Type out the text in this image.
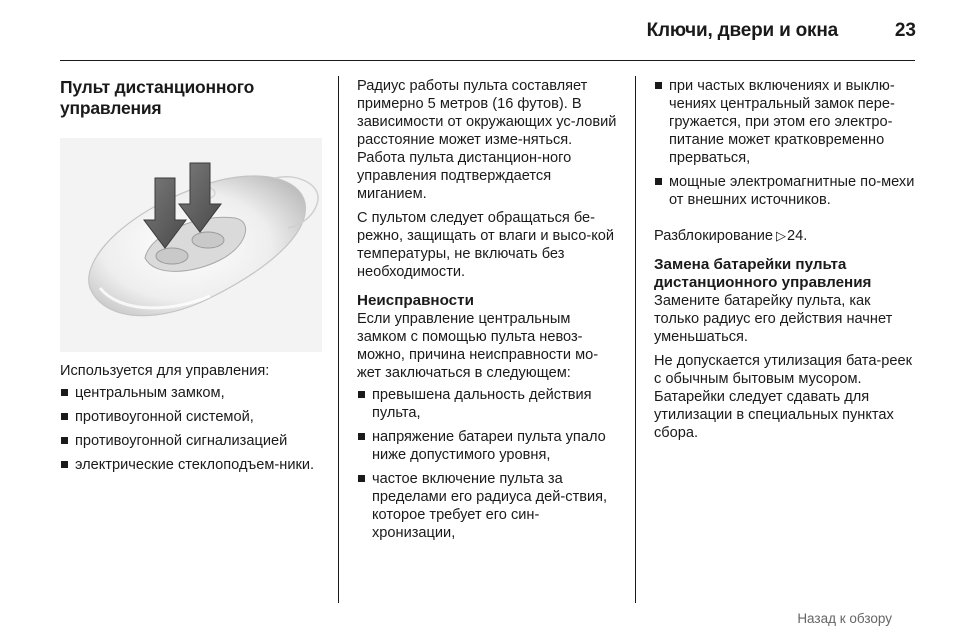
Ключи, двери и окна	23
Пульт дистанционного
управления

Используется для управления:

центральным замком,
противоугонной системой,
противоугонной сигнализацией
электрические стеклоподъем-ники.

Радиус работы пульта составляет примерно 5 метров (16 футов). В зависимости от окружающих ус-ловий расстояние может изме-няться. Работа пульта дистанцион-ного управления подтверждается миганием.

С пультом следует обращаться бе-режно, защищать от влаги и высо-кой температуры, не включать без необходимости.

Неисправности

Если управление центральным замком с помощью пульта невоз-можно, причина неисправности мо-жет заключаться в следующем:

превышена дальность действия пульта,
напряжение батареи пульта упало ниже допустимого уровня,
частое включение пульта за пределами его радиуса дей-ствия, которое требует его син-хронизации,
при частых включениях и выклю-чениях центральный замок пере-гружается, при этом его электро-питание может кратковременно прерваться,
мощные электромагнитные по-мехи от внешних источников.

Разблокирование ▷24.

Замена батарейки пульта
дистанционного управления

Замените батарейку пульта, как только радиус его действия начнет уменьшаться.

Не допускается утилизация бата-реек с обычным бытовым мусором. Батарейки следует сдавать для утилизации в специальных пунктах сбора.

Назад к обзору
